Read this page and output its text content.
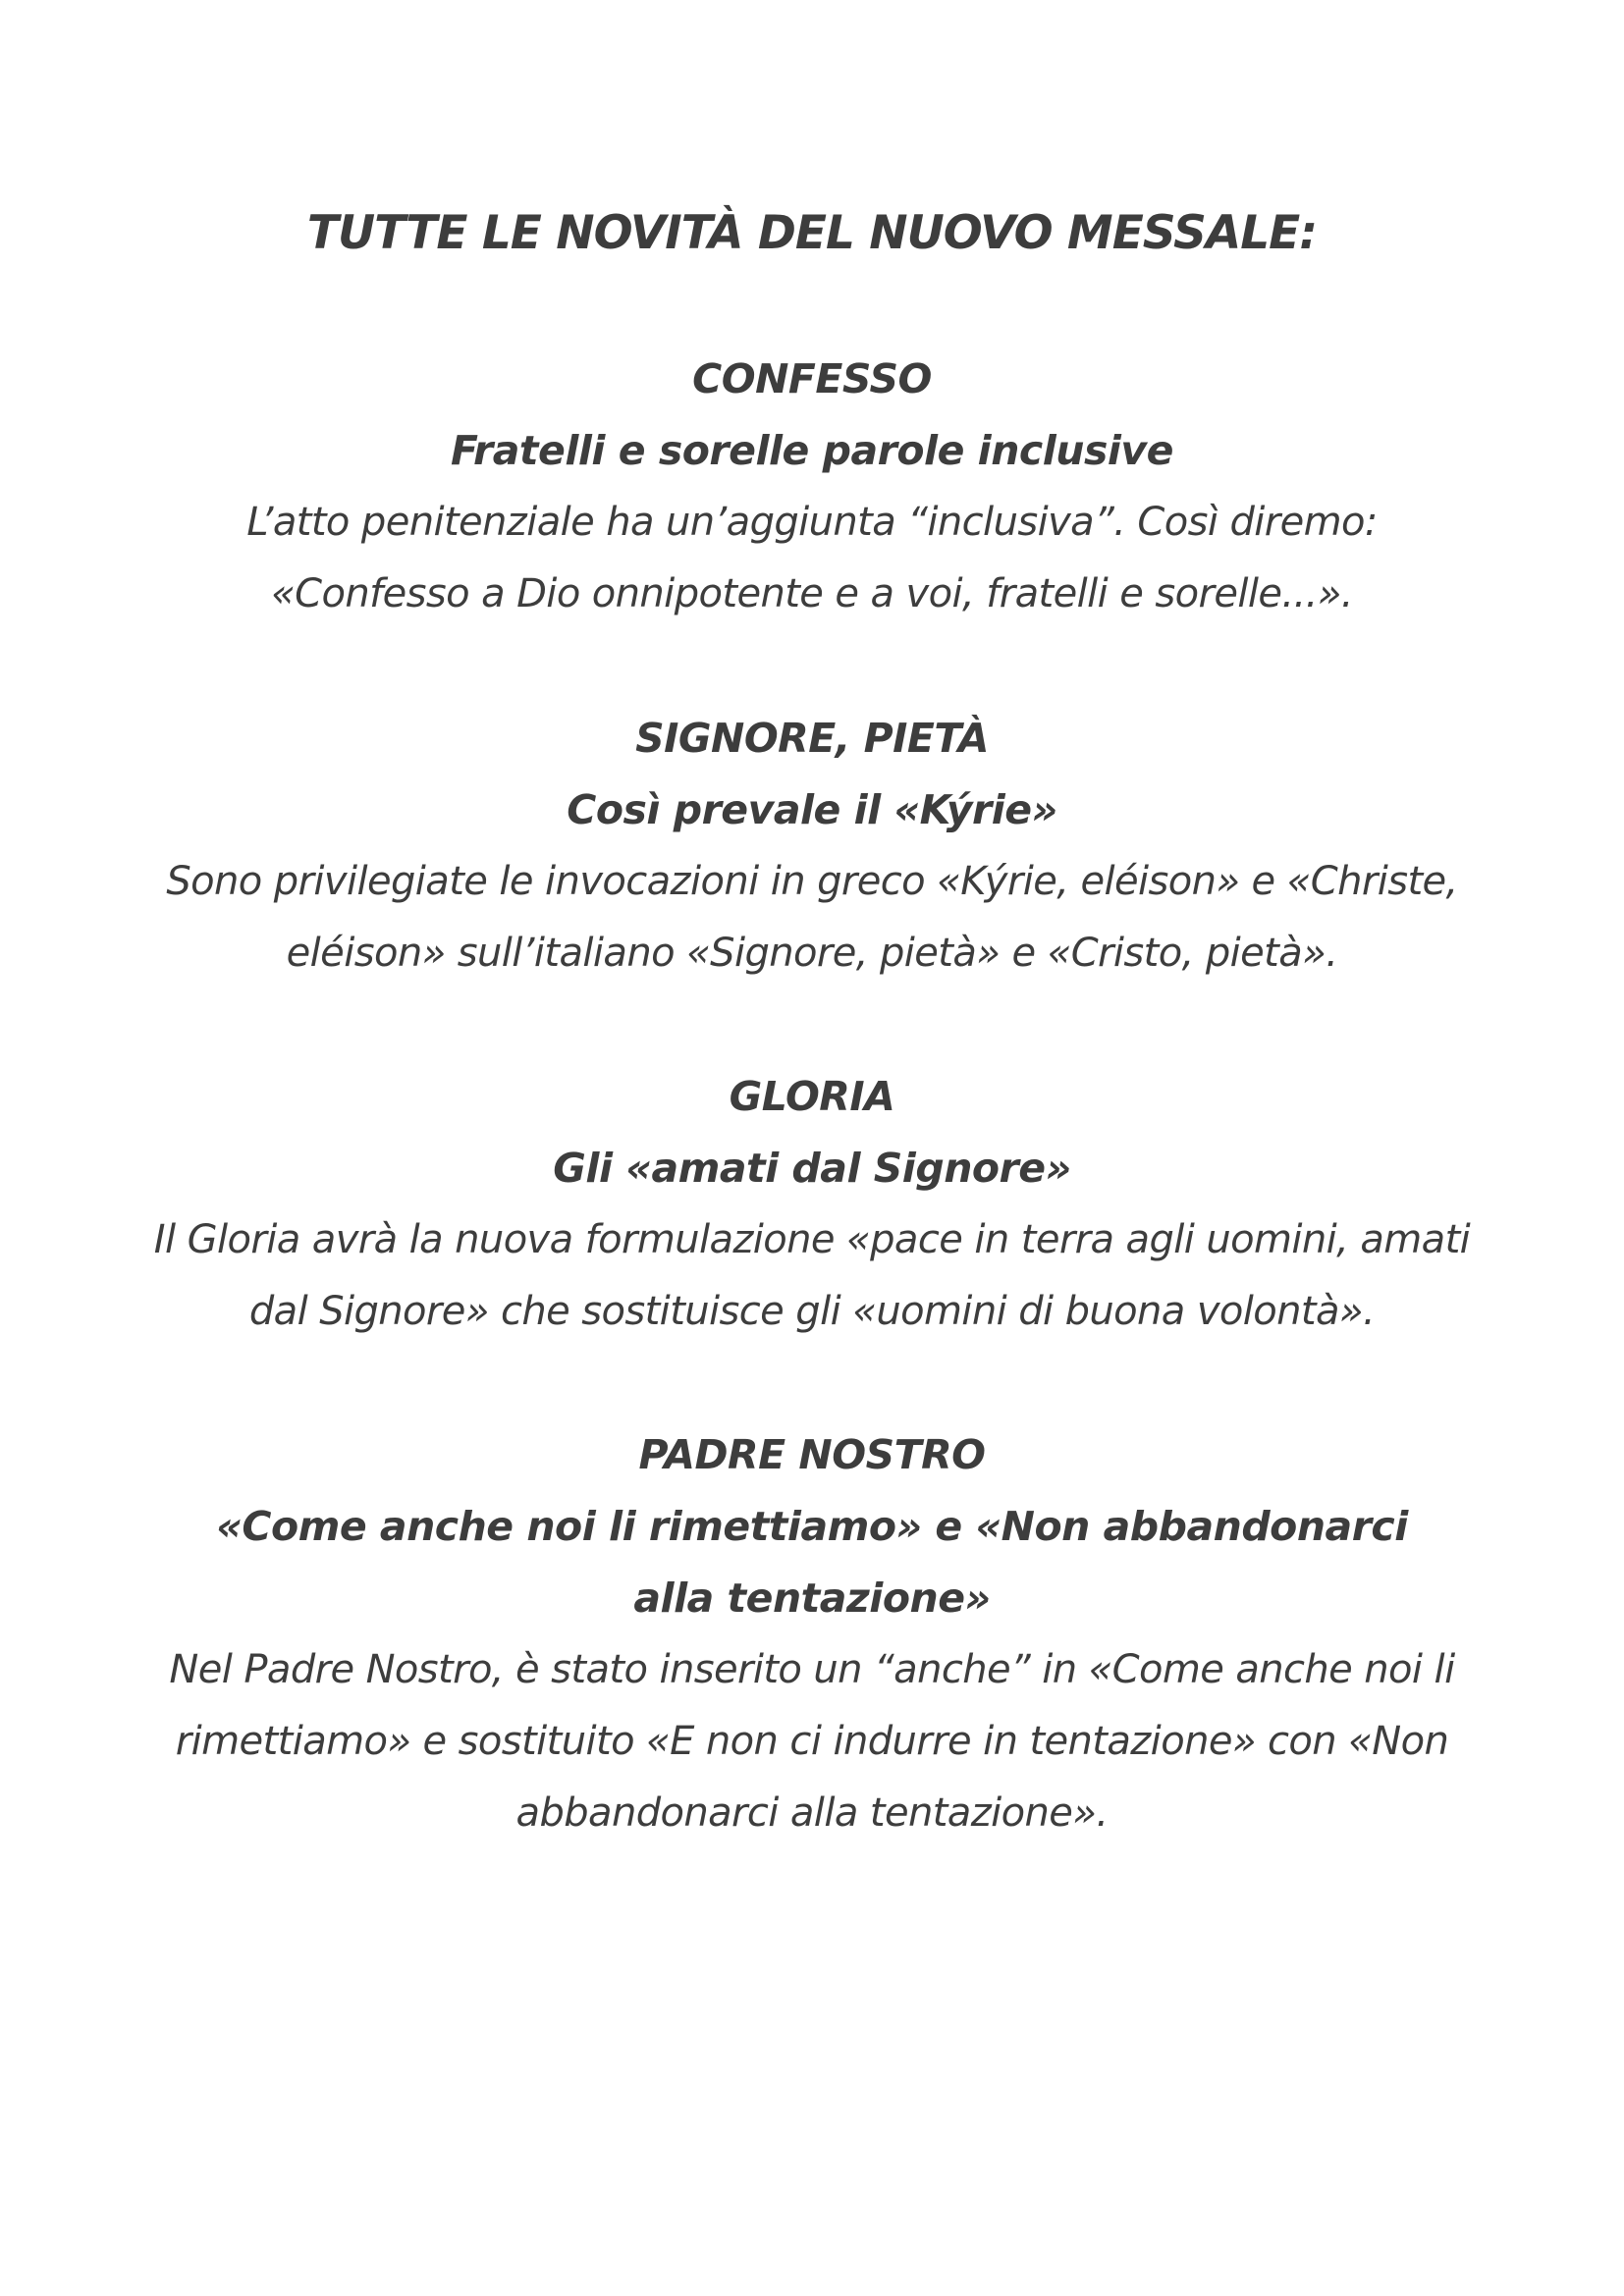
TUTTE LE NOVITÀ DEL NUOVO MESSALE:

CONFESSO

Fratelli e sorelle parole inclusive

L’atto penitenziale ha un’aggiunta “inclusiva”. Così diremo: «Confesso a Dio onnipotente e a voi, fratelli e sorelle...».

SIGNORE, PIETÀ

Così prevale il «Kýrie»

Sono privilegiate le invocazioni in greco «Kýrie, eléison» e «Christe, eléison» sull’italiano «Signore, pietà» e «Cristo, pietà».

GLORIA

Gli «amati dal Signore»

Il Gloria avrà la nuova formulazione «pace in terra agli uomini, amati dal Signore» che sostituisce gli «uomini di buona volontà».

PADRE NOSTRO

«Come anche noi li rimettiamo» e «Non abbandonarci alla tentazione»

Nel Padre Nostro, è stato inserito un “anche” in «Come anche noi li rimettiamo» e sostituito «E non ci indurre in tentazione» con «Non abbandonarci alla tentazione».
